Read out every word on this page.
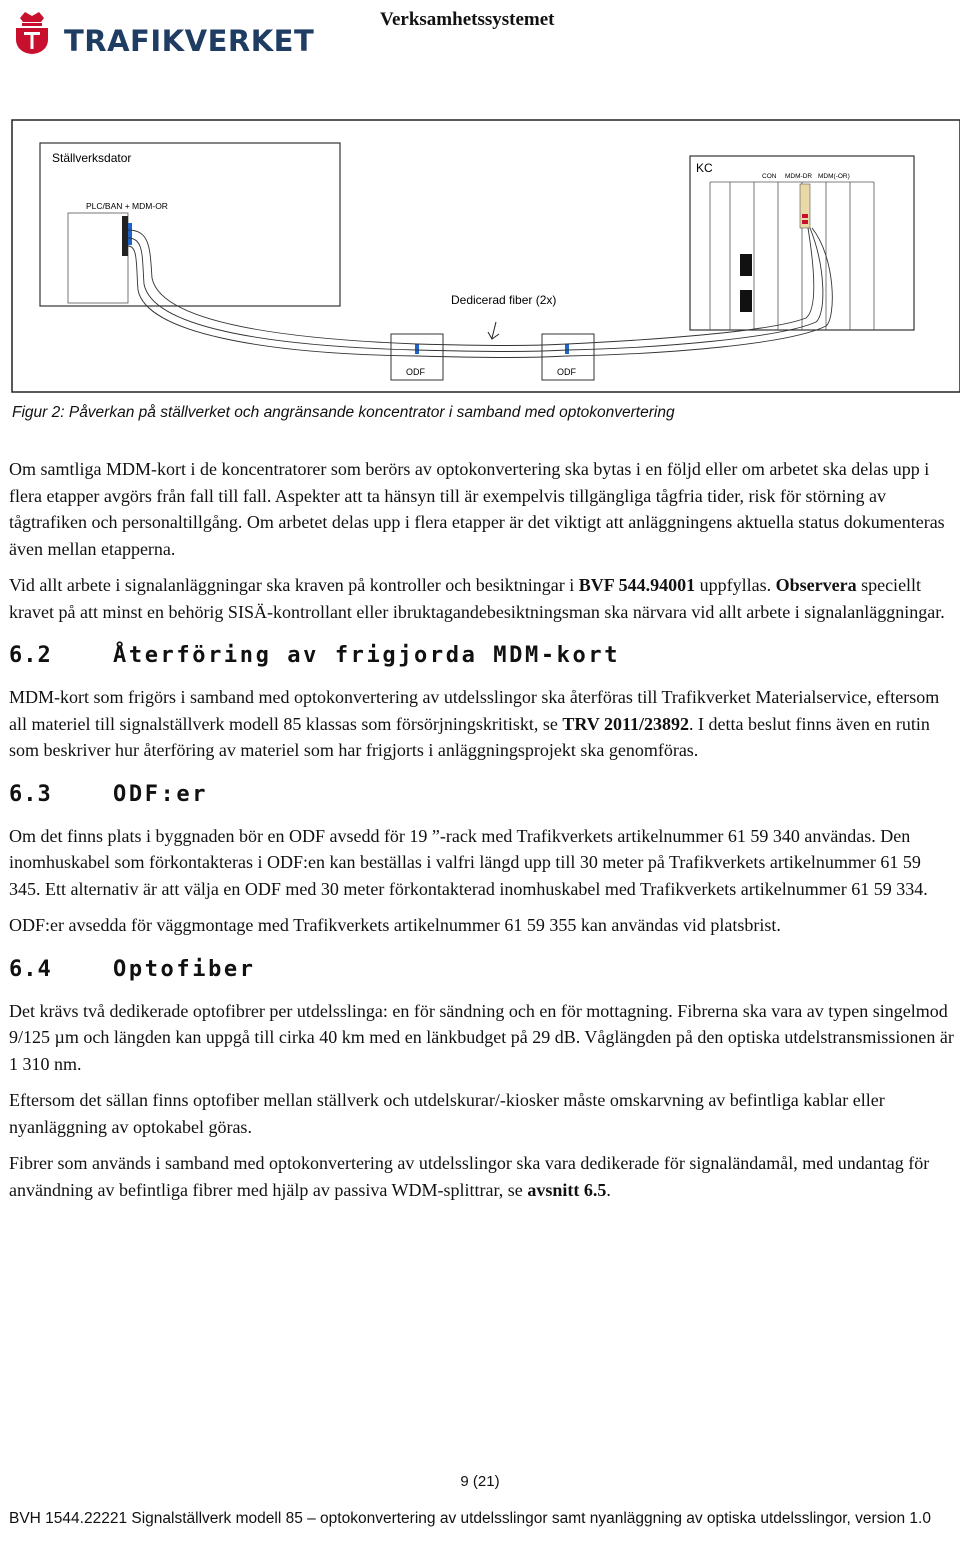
TRAFIKVERKET
Verksamhetssystemet
Ställverksdator
PLC/BAN + MDM-OR
KC
CON MDM-DR MDM(-OR)
ODF	ODF
Dedicerad fiber (2x)
Figur 2: Påverkan på ställverket och angränsande koncentrator i samband med optokonvertering

Om samtliga MDM-kort i de koncentratorer som berörs av optokonvertering ska bytas i en följd eller om arbetet ska delas upp i flera etapper avgörs från fall till fall. Aspekter att ta hänsyn till är exempelvis tillgängliga tågfria tider, risk för störning av tågtrafiken och personaltillgång. Om arbetet delas upp i flera etapper är det viktigt att anläggningens aktuella status dokumenteras även mellan etapperna.

Vid allt arbete i signalanläggningar ska kraven på kontroller och besiktningar i BVF 544.94001 uppfyllas. Observera speciellt kravet på att minst en behörig SISÄ-kontrollant eller ibruktagandebesiktningsman ska närvara vid allt arbete i signalanläggningar.

6.2	Återföring av frigjorda MDM-kort

MDM-kort som frigörs i samband med optokonvertering av utdelsslingor ska återföras till Trafikverket Materialservice, eftersom all materiel till signalställverk modell 85 klassas som försörjningskritiskt, se TRV 2011/23892. I detta beslut finns även en rutin som beskriver hur återföring av materiel som har frigjorts i anläggningsprojekt ska genomföras.

6.3	ODF:er

Om det finns plats i byggnaden bör en ODF avsedd för 19 ”-rack med Trafikverkets artikelnummer 61 59 340 användas. Den inomhuskabel som förkontakteras i ODF:en kan beställas i valfri längd upp till 30 meter på Trafikverkets artikelnummer 61 59 345. Ett alternativ är att välja en ODF med 30 meter förkontakterad inomhuskabel med Trafikverkets artikelnummer 61 59 334.

ODF:er avsedda för väggmontage med Trafikverkets artikelnummer 61 59 355 kan användas vid platsbrist.

6.4	Optofiber

Det krävs två dedikerade optofibrer per utdelsslinga: en för sändning och en för mottagning. Fibrerna ska vara av typen singelmod 9/125 µm och längden kan uppgå till cirka 40 km med en länkbudget på 29 dB. Våglängden på den optiska utdelstransmissionen är 1 310 nm.

Eftersom det sällan finns optofiber mellan ställverk och utdelskurar/-kiosker måste omskarvning av befintliga kablar eller nyanläggning av optokabel göras.

Fibrer som används i samband med optokonvertering av utdelsslingor ska vara dedikerade för signaländamål, med undantag för användning av befintliga fibrer med hjälp av passiva WDM-splittrar, se avsnitt 6.5.

9 (21)
BVH 1544.22221 Signalställverk modell 85 – optokonvertering av utdelsslingor samt nyanläggning av optiska utdelsslingor, version 1.0
